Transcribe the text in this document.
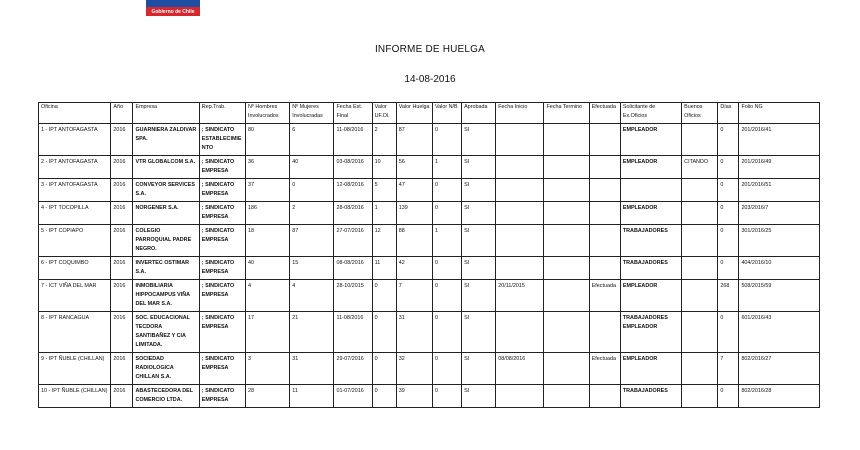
Gobierno de Chile
INFORME DE HUELGA
14-08-2016
Oficina	Año	Empresa	Rep.Trab.	Nº Hombres Involucrados	Nº Mujeres Involucradas	Fecha Est. Final	Valor UF.Ol.	Valor Huelga	Valor N/B	Aprobada	Fecha Inicio	Fecha Termino	Efectuada	Solicitante de Ex.Oficios	Buenos Oficios	Días	Folio NG
1 - IPT ANTOFAGASTA	2016	GUARNIERA ZALDIVAR SPA.	; SINDICATO ESTABLECIMIENTO	80	6	11-08/2016	2	87	0	SI				EMPLEADOR		0	201/2016/41
2 - IPT ANTOFAGASTA	2016	VTR GLOBALCOM S.A.	; SINDICATO EMPRESA	36	40	03-08/2016	10	56	1	SI				EMPLEADOR	CITANDO	0	201/2016/49
3 - IPT ANTOFAGASTA	2016	CONVEYOR SERVICES S.A.	; SINDICATO EMPRESA	37	0	12-08/2016	5	47	0	SI						0	201/2016/51
4 - IPT TOCOPILLA	2016	NORGENER S.A.	; SINDICATO EMPRESA	186	2	28-08/2016	1	139	0	SI				EMPLEADOR		0	203/2016/7
5 - IPT COPIAPO	2016	COLEGIO PARROQUIAL PADRE NEGRO.	; SINDICATO EMPRESA	18	87	27-07/2016	12	88	1	SI				TRABAJADORES		0	301/2016/25
6 - IPT COQUIMBO	2016	INVERTEC OSTIMAR S.A.	; SINDICATO EMPRESA	40	15	08-08/2016	11	42	0	SI				TRABAJADORES		0	404/2016/10
7 - ICT VIÑA DEL MAR	2016	INMOBILIARIA HIPPOCAMPUS VIÑA DEL MAR S.A.	; SINDICATO EMPRESA	4	4	28-10/2015	0	7	0	SI	20/11/2015		Efectuada	EMPLEADOR		268	508/2015/59
8 - IPT RANCAGUA	2016	SOC. EDUCACIONAL TECDORA SANTIBAÑEZ Y CIA LIMITADA.	; SINDICATO EMPRESA	17	21	11-08/2016	0	31	0	SI				TRABAJADORES EMPLEADOR		0	601/2016/43
9 - IPT ÑUBLE (CHILLAN)	2016	SOCIEDAD RADIOLOGICA CHILLAN S.A.	; SINDICATO EMPRESA	3	31	29-07/2016	0	32	0	SI	08/08/2016		Efectuada	EMPLEADOR		7	802/2016/27
10 - IPT ÑUBLE (CHILLAN)	2016	ABASTECEDORA DEL COMERCIO LTDA.	; SINDICATO EMPRESA	28	11	01-07/2016	0	39	0	SI				TRABAJADORES		0	802/2016/28
